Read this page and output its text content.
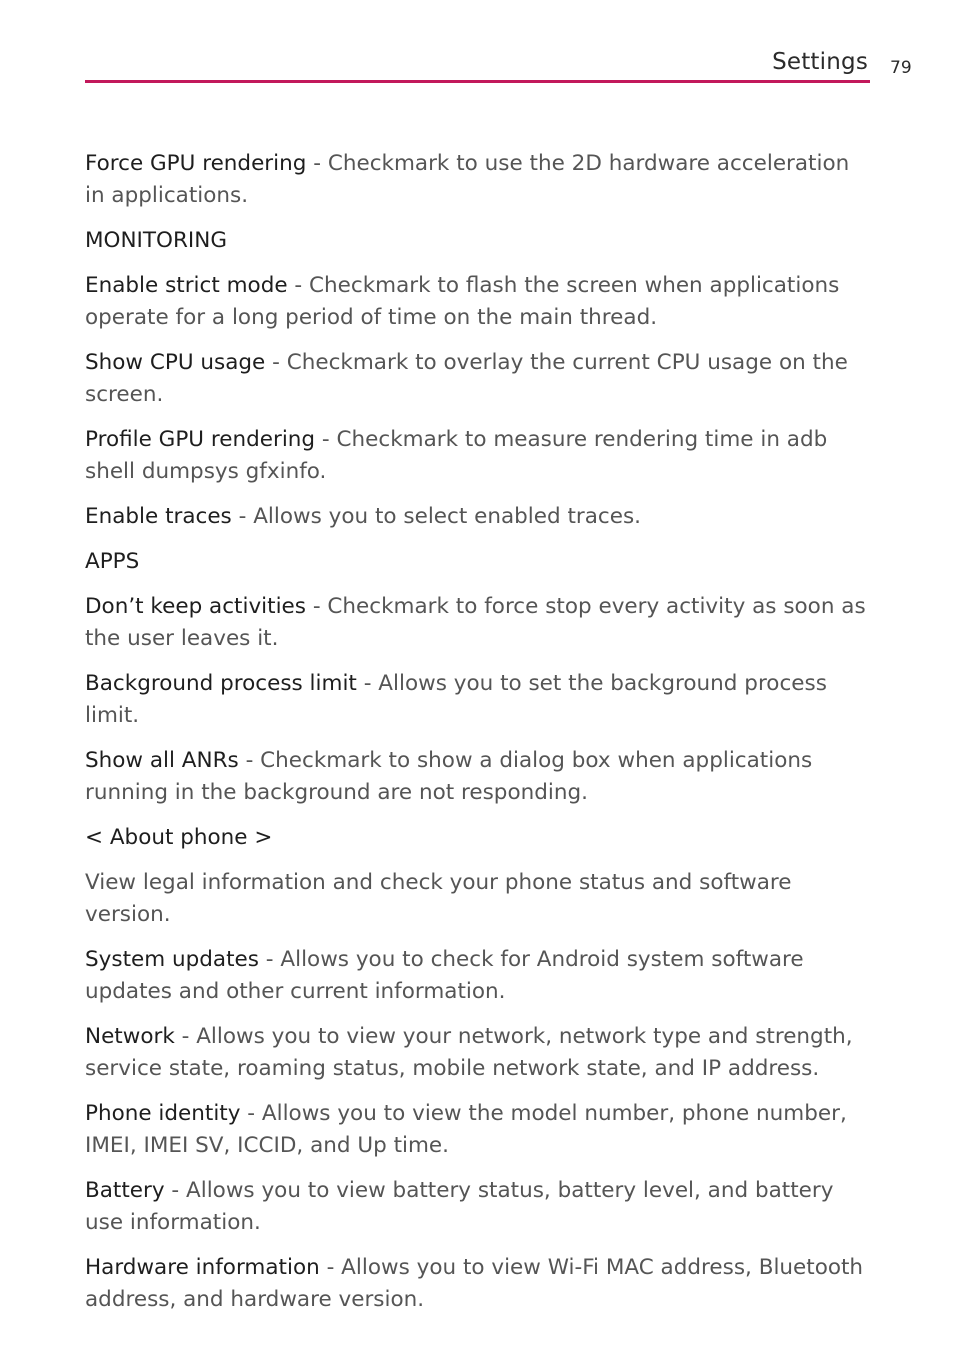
Settings 79

Force GPU rendering - Checkmark to use the 2D hardware acceleration in applications.

MONITORING

Enable strict mode - Checkmark to flash the screen when applications operate for a long period of time on the main thread.

Show CPU usage - Checkmark to overlay the current CPU usage on the screen.

Profile GPU rendering - Checkmark to measure rendering time in adb shell dumpsys gfxinfo.

Enable traces - Allows you to select enabled traces.

APPS

Don’t keep activities - Checkmark to force stop every activity as soon as the user leaves it.

Background process limit - Allows you to set the background process limit.

Show all ANRs - Checkmark to show a dialog box when applications running in the background are not responding.

< About phone >

View legal information and check your phone status and software version.

System updates - Allows you to check for Android system software updates and other current information.

Network - Allows you to view your network, network type and strength, service state, roaming status, mobile network state, and IP address.

Phone identity - Allows you to view the model number, phone number, IMEI, IMEI SV, ICCID, and Up time.

Battery - Allows you to view battery status, battery level, and battery use information.

Hardware information - Allows you to view Wi-Fi MAC address, Bluetooth address, and hardware version.
